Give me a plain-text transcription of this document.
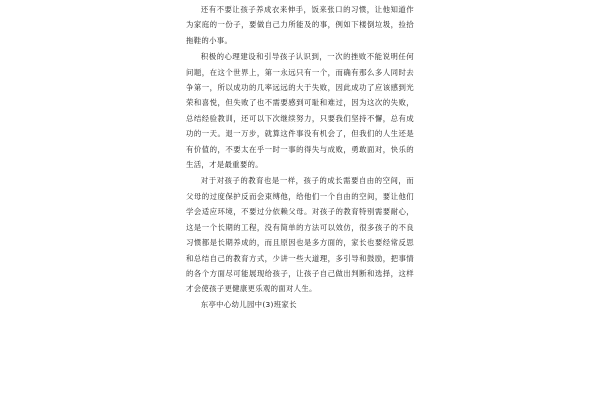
还有不要让孩子养成衣来伸手，饭来张口的习惯，让他知道作为家庭的一份子，要做自己力所能及的事，例如下楼倒垃圾，捡拾拖鞋的小事。

积极的心理建设和引导孩子认识到，一次的挫败不能说明任何问题，在这个世界上，第一永远只有一个，而确有那么多人同时去争第一，所以成功的几率远远的大于失败，因此成功了应该感到光荣和喜悦，但失败了也不需要感到可耻和难过，因为这次的失败，总结经验教训，还可以下次继续努力，只要我们坚持不懈，总有成功的一天。退一万步，就算这件事没有机会了，但我们的人生还是有价值的，不要太在乎一时一事的得失与成败，勇敢面对，快乐的生活，才是最重要的。

对于对孩子的教育也是一样，孩子的成长需要自由的空间，而父母的过度保护反而会束缚他，给他们一个自由的空间，要让他们学会适应环境，不要过分依赖父母。对孩子的教育特别需要耐心，这是一个长期的工程，没有简单的方法可以效仿，很多孩子的不良习惯都是长期养成的，而且原因也是多方面的，家长也要经常反思和总结自己的教育方式，少讲一些大道理，多引导和鼓励，把事情的各个方面尽可能展现给孩子，让孩子自己做出判断和选择，这样才会使孩子更健康更乐观的面对人生。

东亭中心幼儿园中(3)班家长
